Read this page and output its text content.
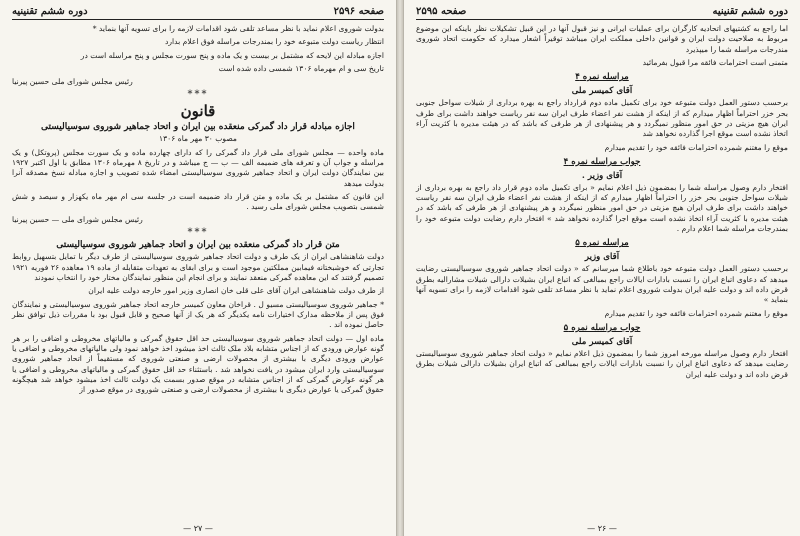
صفحه ۲۵۹۶
دوره ششم تقنینیه

بدولت شوروی اعلام نماید با نظر مساعد تلقی شود اقدامات لازمه را برای تسویه آنها بنماید *

انتظار ریاست دولت متبوعه خود را بمندرجات مراسله فوق اعلام بدارد

اجازه مبادله این لایحه که مشتمل بر بیست و یک ماده و پنج سورت مجلس و پنج مراسله است در

تاریخ سی و ام مهرماه ۱۳۰۶ شمسی داده شده است

رئیس مجلس شورای ملی حسین پیرنیا
***
قانون
اجازه مبادله قرار داد گمرکی منعقده بین ایران و اتحاد جماهیر شوروی سوسیالیستی

مصوب ۳۰ مهر ماه ۱۳۰۶

ماده واحده — مجلس شورای ملی قرار داد گمرکی را که دارای چهارده ماده و یک سورت مجلس (پروتکل) و یک مراسله و جواب آن و تعرفه های ضمیمه الف — ب — ج میباشد و در تاریخ ۸ مهرماه ۱۳۰۶ مطابق با اول اکتبر ۱۹۲۷ بین نمایندگان دولت ایران و اتحاد جماهیر شوروی سوسیالیستی امضاء شده تصویب و اجازه مبادله نسخ مصدقه آنرا بدولت میدهد

این قانون که مشتمل بر یک ماده و متن قرار داد ضمیمه است در جلسه سی ام مهر ماه یکهزار و سیصد و شش شمسی بتصویب مجلس شورای ملی رسید .

رئیس مجلس شورای ملی — حسین پیرنیا
***
متن قرار داد گمرکی منعقده بین ایران و اتحاد جماهیر شوروی سوسیالیستی

دولت شاهنشاهی ایران از یک طرف و دولت اتحاد جماهیر شوروی سوسیالیستی از طرف دیگر با تمایل بتسهیل روابط تجارتی که خوشبختانه فیمابین مملکتین موجود است و برای ابقای به تعهدات متقابله از ماده ۱۹ معاهده ۲۶ فوریه ۱۹۲۱ تصمیم گرفتند که این معاهده گمرکی منعقد نمایند و برای انجام این منظور نمایندگان مختار خود را انتخاب نمودند

از طرف دولت شاهنشاهی ایران آقای علی قلی خان انصاری وزیر امور خارجه دولت علیه ایران

* جماهیر شوروی سوسیالیستی مسیو ل . قراخان معاون کمیسر خارجه اتحاد جماهیر شوروی سوسیالیستی و نمایندگان فوق پس از ملاحظه مدارک اختیارات نامه یکدیگر که هر یک از آنها صحیح و قابل قبول بود با مقررات ذیل توافق نظر حاصل نموده اند .

ماده اول — دولت اتحاد جماهیر شوروی سوسیالیستی حد اقل حقوق گمرکی و مالیاتهای مخروطی و اضافی را بر هر گونه عوارض ورودی که از اجناس متشابه بلاد ملک ثالث اخذ میشود اخذ خواهد نمود ولی مالیاتهای مخروطی و اضافی یا عوارض ورودی دیگری با بیشتری از محصولات ارضی و صنعتی شوروی که مستقیماً از اتحاد جماهیر شوروی سوسیالیستی وارد ایران میشود در یافت نخواهد شد . باستثناء حد اقل حقوق گمرکی و مالیاتهای مخروطی و اضافی یا هر گونه عوارض گمرکی که از اجناس متشابه در موقع صدور بسمت یک دولت ثالث اخذ میشود خواهد شد هیچگونه حقوق گمرکی یا عوارض دیگری با بیشتری از محصولات ارضی و صنعتی شوروی در موقع صدور از

— ۲۷ —
دوره ششم تقنینیه
صفحه ۲۵۹۵

اما راجع به کشتیهای اتحادیه کارگران برای عملیات ایرانی و نیز قبول آنها در این قبیل تشکیلات نظر باینکه این موضوع مربوط به صلاحیت دولت ایران و قوانین داخلی مملکت ایران میباشد توقیراً اشعار میدارد که حکومت اتحاد شوروی مندرجات مراسله شما را میپذیرد

متمنی است احترامات فائقه مرا قبول بفرمائید

مراسله نمره ۴
آقای کمیسر ملی

برحسب دستور العمل دولت متبوعه خود برای تکمیل ماده دوم قرارداد راجع به بهره برداری از شیلات سواحل جنوبی بحر خزر احتراماً اظهار میدارم که از اینکه از هشت نفر اعضاء طرف ایران سه نفر ریاست خواهند داشت برای طرف ایران هیچ مزیتی در حق امور منظور نمیگردد و هر پیشنهادی از هر طرفی که باشد که در هیئت مدیره با کثریت آراء اتخاذ نشده است موقع اجرا گذارده نخواهد شد

موقع را مغتنم شمرده احترامات فائقه خود را تقدیم میدارم

جواب مراسله نمره ۴
آقای وزیر .

افتخار دارم وصول مراسله شما را بمضمون ذیل اعلام نمایم « برای تکمیل ماده دوم قرار داد راجع به بهره برداری از شیلات سواحل جنوبی بحر خزر را احتراماً اظهار میدارم که از اینکه از هشت نفر اعضاء طرف ایران سه نفر ریاست خواهند داشت برای طرف ایران هیچ مزیتی در حق امور منظور نمیگردد و هر پیشنهادی از هر طرفی که باشد که در هیئت مدیره با کثریت آراء اتخاذ نشده است موقع اجرا گذارده نخواهد شد » افتخار دارم رضایت دولت متبوعه خود را بمندرجات مراسله شما اعلام دارم .

مراسله نمره ۵
آقای وزیر

برحسب دستور العمل دولت متبوعه خود باطلاع شما میرسانم که « دولت اتحاد جماهیر شوروی سوسیالیستی رضایت میدهد که دعاوی اتباع ایران را نسبت بادارات ایالات راجع بمبالغی که اتباع ایران بشیلات دارالی شیلات مشارالیه بطرق قرض داده اند و دولت علیه ایران بدولت شوروی اعلام نماید با نظر مساعد تلقی شود اقدامات لازمه را برای تسویه آنها بنماید »

موقع را مغتنم شمرده احترامات فائقه خود را تقدیم میدارم

جواب مراسله نمره ۵
آقای کمیسر ملی

افتخار دارم وصول مراسله مورخه امروز شما را بمضمون ذیل اعلام نمایم « دولت اتحاد جماهیر شوروی سوسیالیستی رضایت میدهد که دعاوی اتباع ایران را نسبت بادارات ایالات راجع بمبالغی که اتباع ایران بشیلات دارالی شیلات بطرق قرض داده اند و دولت علیه ایران

— ۲۶ —
